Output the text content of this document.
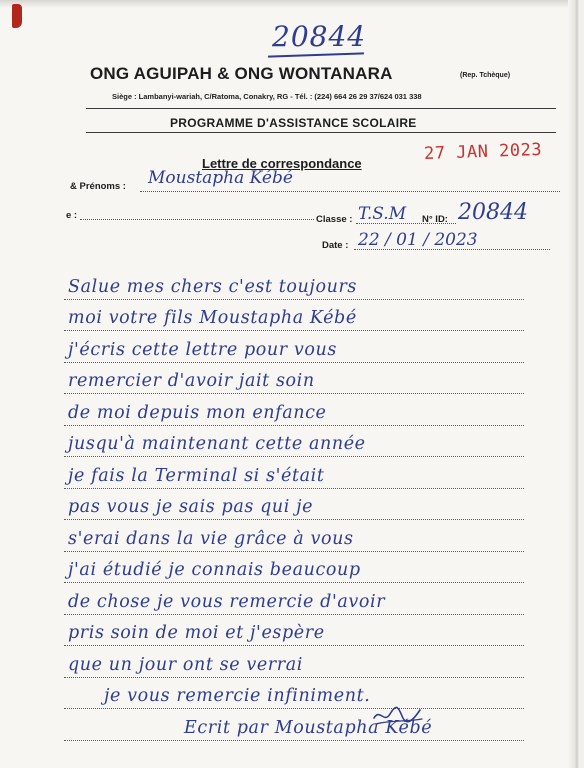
20844
ONG AGUIPAH & ONG WONTANARA	(Rep. Tchèque)
Siège : Lambanyi-wariah, C/Ratoma, Conakry, RG - Tél. : (224) 664 26 29 37/624 031 338
PROGRAMME D'ASSISTANCE SCOLAIRE
Lettre de correspondance	27 JAN 2023
& Prénoms : Moustapha Kébé
e :	Classe : T.S.M N° ID: 20844
Date : 22 / 01 / 2023
Salue mes chers c'est toujours
moi votre fils Moustapha Kébé
j'écris cette lettre pour vous
remercier d'avoir jait soin
de moi depuis mon enfance
jusqu'à maintenant cette année
je fais la Terminal si s'était
pas vous je sais pas qui je
s'erai dans la vie grâce à vous
j'ai étudié je connais beaucoup
de chose je vous remercie d'avoir
pris soin de moi et j'espère
que un jour ont se verrai
je vous remercie infiniment.
Ecrit par Moustapha Kébé
